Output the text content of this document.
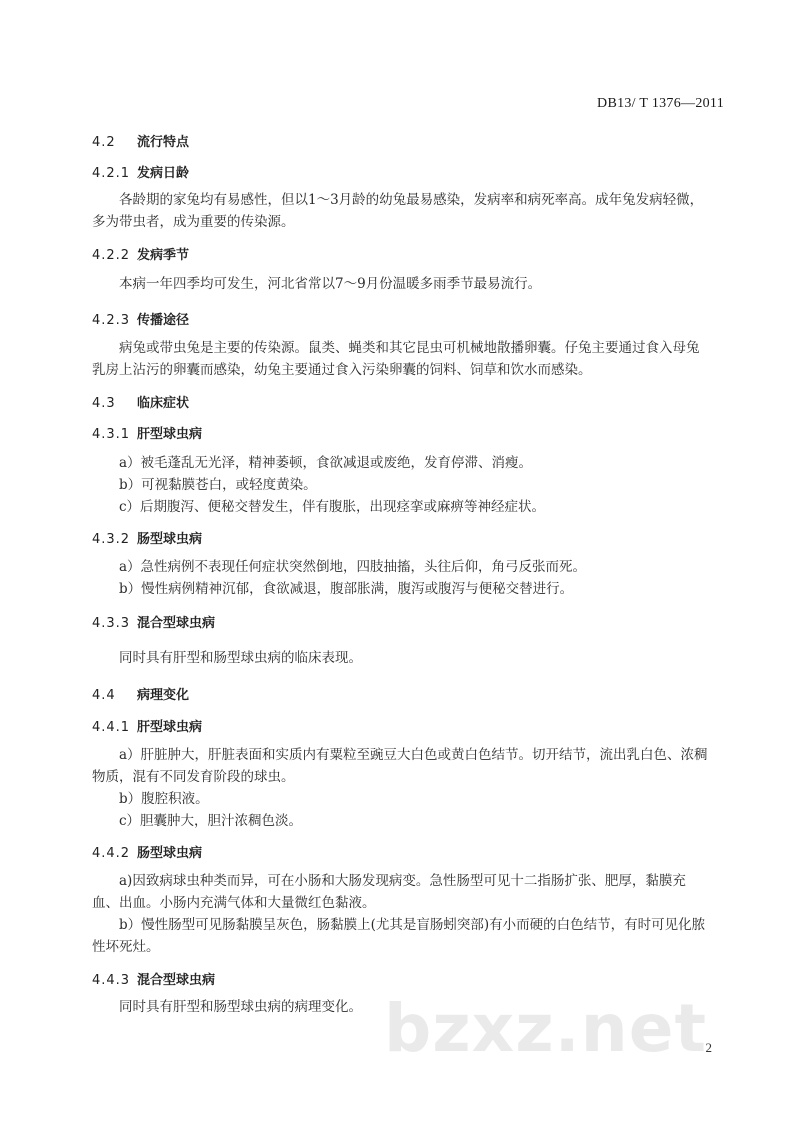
DB13/ T 1376—2011
4.2 流行特点
4.2.1 发病日龄
各龄期的家兔均有易感性，但以1～3月龄的幼兔最易感染，发病率和病死率高。成年兔发病轻微，多为带虫者，成为重要的传染源。
4.2.2 发病季节
本病一年四季均可发生，河北省常以7～9月份温暖多雨季节最易流行。
4.2.3 传播途径
病兔或带虫兔是主要的传染源。鼠类、蝇类和其它昆虫可机械地散播卵囊。仔兔主要通过食入母兔乳房上沾污的卵囊而感染，幼兔主要通过食入污染卵囊的饲料、饲草和饮水而感染。
4.3 临床症状
4.3.1 肝型球虫病
a）被毛蓬乱无光泽，精神萎顿，食欲减退或废绝，发育停滞、消瘦。
b）可视黏膜苍白，或轻度黄染。
c）后期腹泻、便秘交替发生，伴有腹胀，出现痉挛或麻痹等神经症状。
4.3.2 肠型球虫病
a）急性病例不表现任何症状突然倒地，四肢抽搐，头往后仰，角弓反张而死。
b）慢性病例精神沉郁，食欲减退，腹部胀满，腹泻或腹泻与便秘交替进行。
4.3.3 混合型球虫病
同时具有肝型和肠型球虫病的临床表现。
4.4 病理变化
4.4.1 肝型球虫病
a）肝脏肿大，肝脏表面和实质内有粟粒至豌豆大白色或黄白色结节。切开结节，流出乳白色、浓稠物质，混有不同发育阶段的球虫。
b）腹腔积液。
c）胆囊肿大，胆汁浓稠色淡。
4.4.2 肠型球虫病
a)因致病球虫种类而异，可在小肠和大肠发现病变。急性肠型可见十二指肠扩张、肥厚，黏膜充血、出血。小肠内充满气体和大量微红色黏液。
b）慢性肠型可见肠黏膜呈灰色，肠黏膜上(尤其是盲肠蚓突部)有小而硬的白色结节，有时可见化脓性坏死灶。
4.4.3 混合型球虫病
同时具有肝型和肠型球虫病的病理变化。 bzxz.net
2
